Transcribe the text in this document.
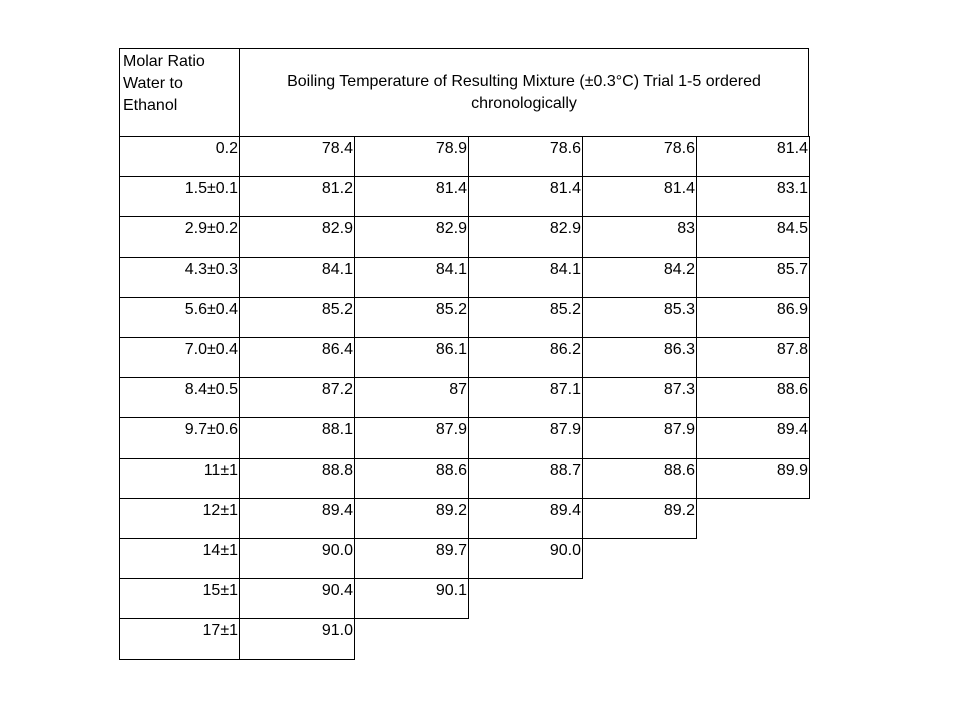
Molar Ratio Water to Ethanol
Boiling Temperature of Resulting Mixture (±0.3°C) Trial 1-5 ordered chronologically
0.2	78.4	78.9	78.6	78.6	81.4
1.5±0.1	81.2	81.4	81.4	81.4	83.1
2.9±0.2	82.9	82.9	82.9	83	84.5
4.3±0.3	84.1	84.1	84.1	84.2	85.7
5.6±0.4	85.2	85.2	85.2	85.3	86.9
7.0±0.4	86.4	86.1	86.2	86.3	87.8
8.4±0.5	87.2	87	87.1	87.3	88.6
9.7±0.6	88.1	87.9	87.9	87.9	89.4
11±1	88.8	88.6	88.7	88.6	89.9
12±1	89.4	89.2	89.4	89.2
14±1	90.0	89.7	90.0
15±1	90.4	90.1
17±1	91.0
